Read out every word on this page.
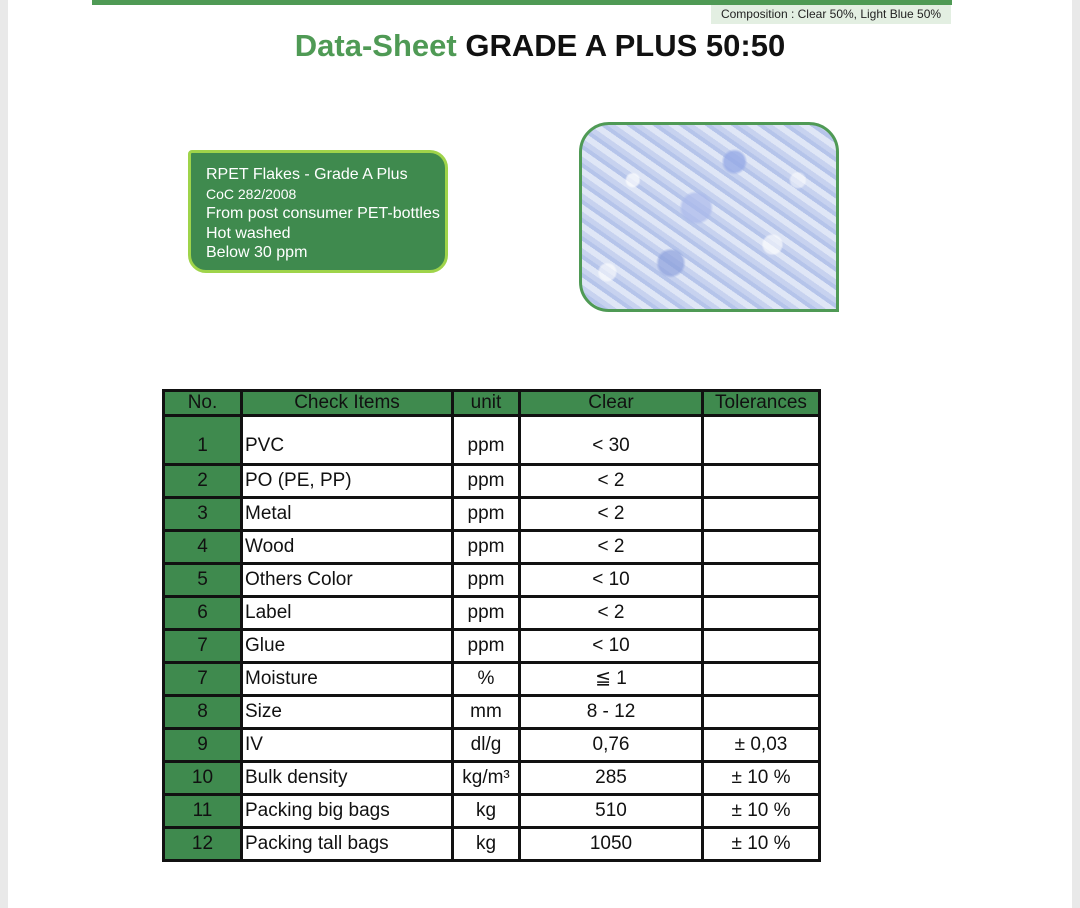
Composition : Clear 50%, Light Blue 50%
Data-Sheet GRADE A PLUS 50:50
RPET Flakes - Grade A Plus
CoC 282/2008
From post consumer PET-bottles
Hot washed
Below 30 ppm
No.	Check Items	unit	Clear	Tolerances
1	PVC	ppm	< 30	
2	PO (PE, PP)	ppm	< 2	
3	Metal	ppm	< 2	
4	Wood	ppm	< 2	
5	Others Color	ppm	< 10	
6	Label	ppm	< 2	
7	Glue	ppm	< 10	
7	Moisture	%	≦ 1	
8	Size	mm	8 - 12	
9	IV	dl/g	0,76	± 0,03
10	Bulk density	kg/m³	285	± 10 %
11	Packing big bags	kg	510	± 10 %
12	Packing tall bags	kg	1050	± 10 %
